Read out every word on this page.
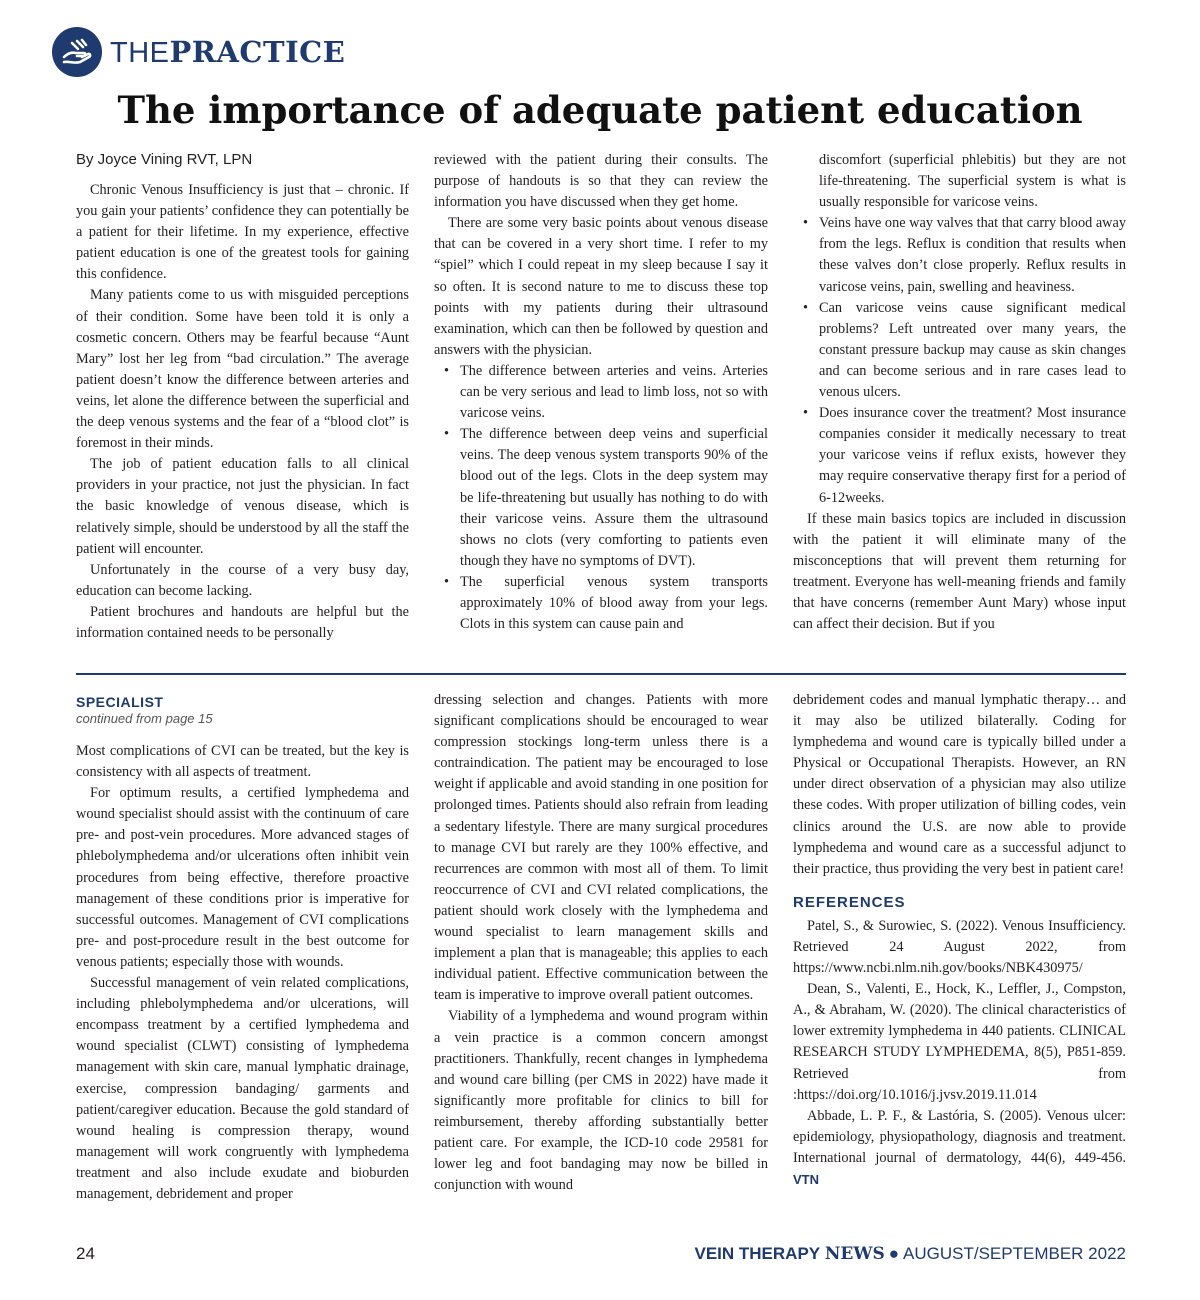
THEPRACTICE
The importance of adequate patient education
By Joyce Vining RVT, LPN

Chronic Venous Insufficiency is just that – chronic. If you gain your patients’ confidence they can potentially be a patient for their lifetime. In my experience, effective patient education is one of the greatest tools for gaining this confidence.

Many patients come to us with misguided perceptions of their condition. Some have been told it is only a cosmetic concern. Others may be fearful because “Aunt Mary” lost her leg from “bad circulation.” The average patient doesn’t know the difference between arteries and veins, let alone the difference between the superficial and the deep venous systems and the fear of a “blood clot” is foremost in their minds.

The job of patient education falls to all clinical providers in your practice, not just the physician. In fact the basic knowledge of venous disease, which is relatively simple, should be understood by all the staff the patient will encounter.

Unfortunately in the course of a very busy day, education can become lacking.

Patient brochures and handouts are helpful but the information contained needs to be personally

reviewed with the patient during their consults. The purpose of handouts is so that they can review the information you have discussed when they get home.

There are some very basic points about venous disease that can be covered in a very short time. I refer to my “spiel” which I could repeat in my sleep because I say it so often. It is second nature to me to discuss these top points with my patients during their ultrasound examination, which can then be followed by question and answers with the physician.

• The difference between arteries and veins. Arteries can be very serious and lead to limb loss, not so with varicose veins.
• The difference between deep veins and superficial veins. The deep venous system transports 90% of the blood out of the legs. Clots in the deep system may be life-threatening but usually has nothing to do with their varicose veins. Assure them the ultrasound shows no clots (very comforting to patients even though they have no symptoms of DVT).
• The superficial venous system transports approximately 10% of blood away from your legs. Clots in this system can cause pain and

discomfort (superficial phlebitis) but they are not life-threatening. The superficial system is what is usually responsible for varicose veins.

• Veins have one way valves that that carry blood away from the legs. Reflux is condition that results when these valves don’t close properly. Reflux results in varicose veins, pain, swelling and heaviness.
• Can varicose veins cause significant medical problems? Left untreated over many years, the constant pressure backup may cause as skin changes and can become serious and in rare cases lead to venous ulcers.
• Does insurance cover the treatment? Most insurance companies consider it medically necessary to treat your varicose veins if reflux exists, however they may require conservative therapy first for a period of 6-12weeks.

If these main basics topics are included in discussion with the patient it will eliminate many of the misconceptions that will prevent them returning for treatment. Everyone has well-meaning friends and family that have concerns (remember Aunt Mary) whose input can affect their decision. But if you

SPECIALIST
continued from page 15

Most complications of CVI can be treated, but the key is consistency with all aspects of treatment.

For optimum results, a certified lymphedema and wound specialist should assist with the continuum of care pre- and post-vein procedures. More advanced stages of phlebolymphedema and/or ulcerations often inhibit vein procedures from being effective, therefore proactive management of these conditions prior is imperative for successful outcomes. Management of CVI complications pre- and post-procedure result in the best outcome for venous patients; especially those with wounds.

Successful management of vein related complications, including phlebolymphedema and/or ulcerations, will encompass treatment by a certified lymphedema and wound specialist (CLWT) consisting of lymphedema management with skin care, manual lymphatic drainage, exercise, compression bandaging/ garments and patient/caregiver education. Because the gold standard of wound healing is compression therapy, wound management will work congruently with lymphedema treatment and also include exudate and bioburden management, debridement and proper

dressing selection and changes. Patients with more significant complications should be encouraged to wear compression stockings long-term unless there is a contraindication. The patient may be encouraged to lose weight if applicable and avoid standing in one position for prolonged times. Patients should also refrain from leading a sedentary lifestyle. There are many surgical procedures to manage CVI but rarely are they 100% effective, and recurrences are common with most all of them. To limit reoccurrence of CVI and CVI related complications, the patient should work closely with the lymphedema and wound specialist to learn management skills and implement a plan that is manageable; this applies to each individual patient. Effective communication between the team is imperative to improve overall patient outcomes.

Viability of a lymphedema and wound program within a vein practice is a common concern amongst practitioners. Thankfully, recent changes in lymphedema and wound care billing (per CMS in 2022) have made it significantly more profitable for clinics to bill for reimbursement, thereby affording substantially better patient care. For example, the ICD-10 code 29581 for lower leg and foot bandaging may now be billed in conjunction with wound

debridement codes and manual lymphatic therapy… and it may also be utilized bilaterally. Coding for lymphedema and wound care is typically billed under a Physical or Occupational Therapists. However, an RN under direct observation of a physician may also utilize these codes. With proper utilization of billing codes, vein clinics around the U.S. are now able to provide lymphedema and wound care as a successful adjunct to their practice, thus providing the very best in patient care!

REFERENCES

Patel, S., & Surowiec, S. (2022). Venous Insufficiency. Retrieved 24 August 2022, from https://www.ncbi.nlm.nih.gov/books/NBK430975/

Dean, S., Valenti, E., Hock, K., Leffler, J., Compston, A., & Abraham, W. (2020). The clinical characteristics of lower extremity lymphedema in 440 patients. CLINICAL RESEARCH STUDY LYMPHEDEMA, 8(5), P851-859. Retrieved from :https://doi.org/10.1016/j.jvsv.2019.11.014

Abbade, L. P. F., & Lastória, S. (2005). Venous ulcer: epidemiology, physiopathology, diagnosis and treatment. International journal of dermatology, 44(6), 449-456. VTN

24	VEIN THERAPY NEWS ● AUGUST/SEPTEMBER 2022
